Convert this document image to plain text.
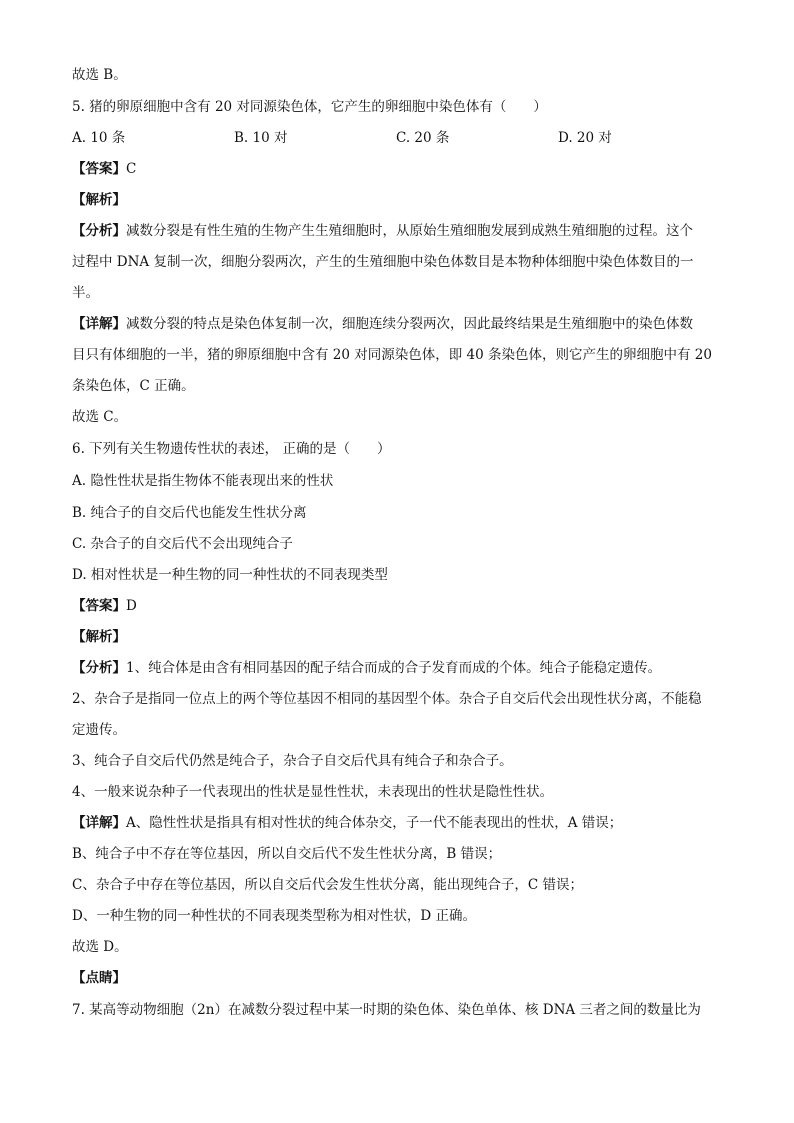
故选 B。
5. 猪的卵原细胞中含有 20 对同源染色体，它产生的卵细胞中染色体有（　　）
A. 10 条	B. 10 对	C. 20 条	D. 20 对
【答案】C
【解析】
【分析】减数分裂是有性生殖的生物产生生殖细胞时，从原始生殖细胞发展到成熟生殖细胞的过程。这个
过程中 DNA 复制一次，细胞分裂两次，产生的生殖细胞中染色体数目是本物种体细胞中染色体数目的一
半。
【详解】减数分裂的特点是染色体复制一次，细胞连续分裂两次，因此最终结果是生殖细胞中的染色体数
目只有体细胞的一半，猪的卵原细胞中含有 20 对同源染色体，即 40 条染色体，则它产生的卵细胞中有 20
条染色体，C 正确。
故选 C。
6. 下列有关生物遗传性状的表述， 正确的是（　　）
A. 隐性性状是指生物体不能表现出来的性状
B. 纯合子的自交后代也能发生性状分离
C. 杂合子的自交后代不会出现纯合子
D. 相对性状是一种生物的同一种性状的不同表现类型
【答案】D
【解析】
【分析】1、纯合体是由含有相同基因的配子结合而成的合子发育而成的个体。纯合子能稳定遗传。
2、杂合子是指同一位点上的两个等位基因不相同的基因型个体。杂合子自交后代会出现性状分离，不能稳
定遗传。
3、纯合子自交后代仍然是纯合子，杂合子自交后代具有纯合子和杂合子。
4、一般来说杂种子一代表现出的性状是显性性状，未表现出的性状是隐性性状。
【详解】A、隐性性状是指具有相对性状的纯合体杂交，子一代不能表现出的性状，A 错误；
B、纯合子中不存在等位基因，所以自交后代不发生性状分离，B 错误；
C、杂合子中存在等位基因，所以自交后代会发生性状分离，能出现纯合子，C 错误；
D、一种生物的同一种性状的不同表现类型称为相对性状，D 正确。
故选 D。
【点睛】
7. 某高等动物细胞（2n）在减数分裂过程中某一时期的染色体、染色单体、核 DNA 三者之间的数量比为
